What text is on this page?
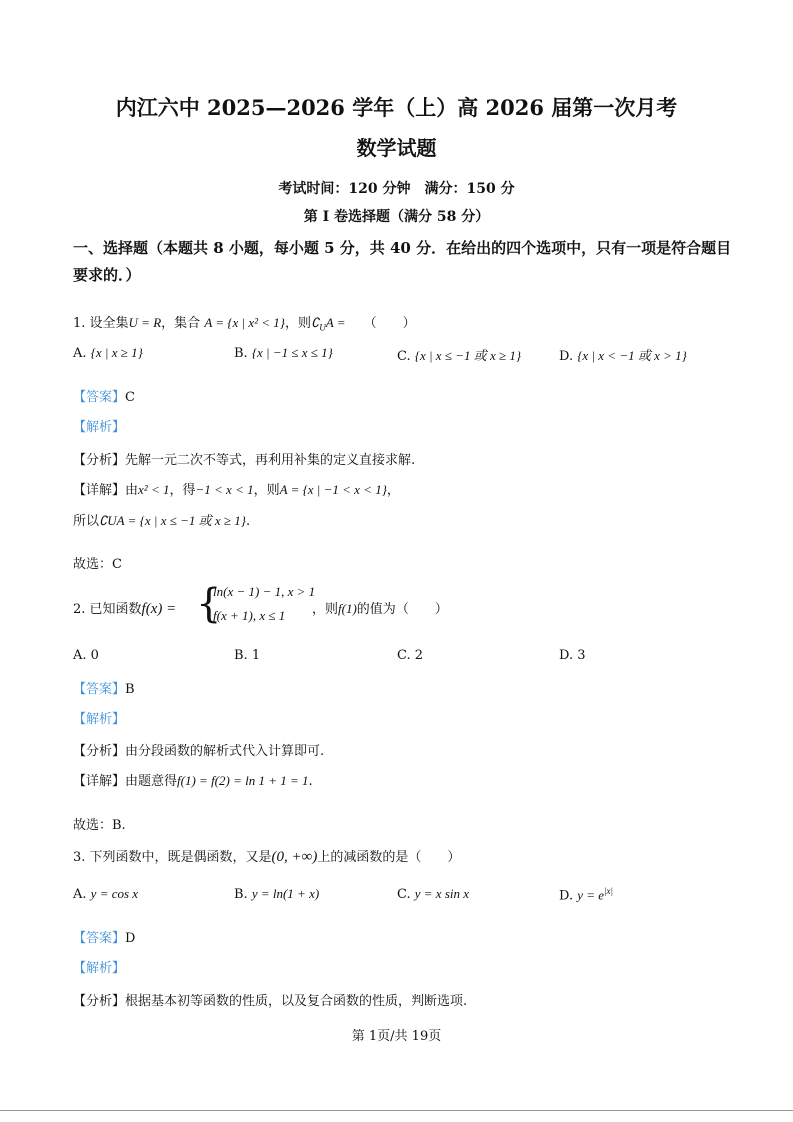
内江六中 2025—2026 学年（上）高 2026 届第一次月考
数学试题
考试时间：120 分钟　满分：150 分
第 I 卷选择题（满分 58 分）
一、选择题（本题共 8 小题，每小题 5 分，共 40 分．在给出的四个选项中，只有一项是符合题目要求的．）
1. 设全集U = R，集合 A = {x | x² < 1}，则$∁_UA$ = （　　）
A. {x | x ≥ 1}	B. {x | −1 ≤ x ≤ 1}	C. {x | x ≤ −1 或 x ≥ 1}	D. {x | x < −1 或 x > 1}
【答案】C
【解析】
【分析】先解一元二次不等式，再利用补集的定义直接求解.
【详解】由x² < 1，得−1 < x < 1，则A = {x | −1 < x < 1}，
所以∁UA = {x | x ≤ −1 或 x ≥ 1}.
故选：C
2. 已知函数f(x) = {
ln(x − 1) − 1, x > 1
f(x + 1), x ≤ 1 ，则f(1)的值为（　　）
A. 0	B. 1	C. 2	D. 3
【答案】B
【解析】
【分析】由分段函数的解析式代入计算即可.
【详解】由题意得f(1) = f(2) = ln 1 + 1 = 1.
故选：B.
3. 下列函数中，既是偶函数，又是(0, +∞)上的减函数的是（　　）
A. y = cos x	B. y = ln(1 + x)	C. y = x sin x	D. $y = e^{|x|}$
【答案】D
【解析】
【分析】根据基本初等函数的性质，以及复合函数的性质，判断选项.
第 1页/共 19页
